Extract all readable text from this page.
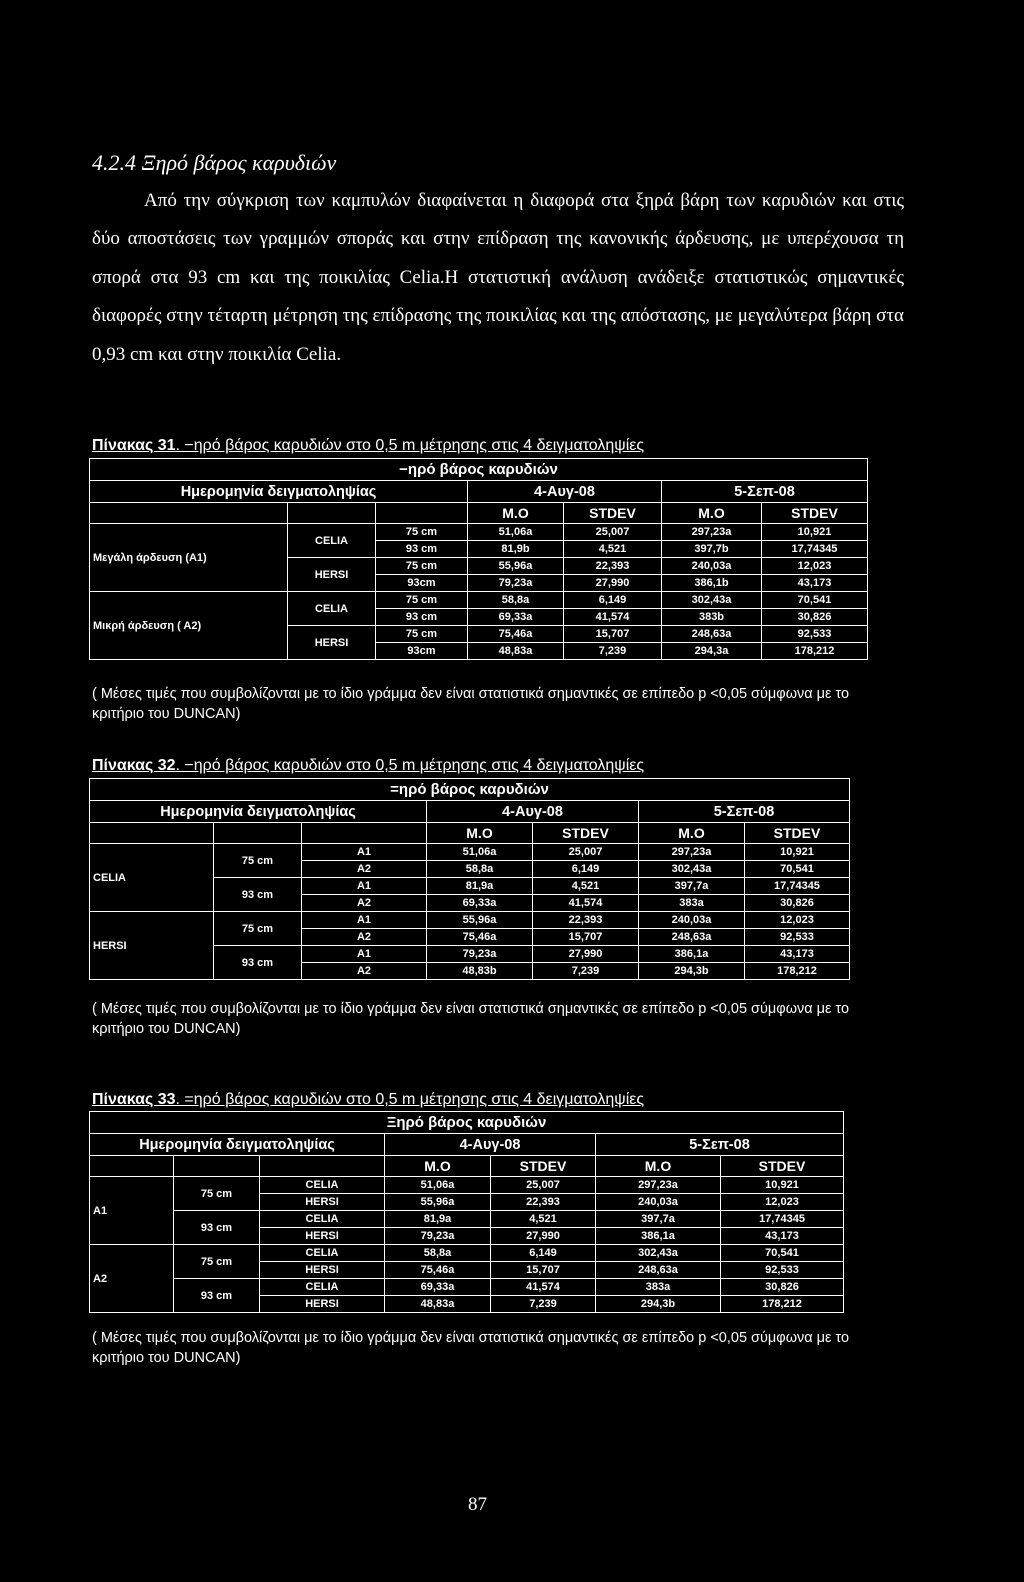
4.2.4 Ξηρό βάρος καρυδιών

Από την σύγκριση των καμπυλών διαφαίνεται η διαφορά στα ξηρά βάρη των καρυδιών και στις δύο αποστάσεις των γραμμών σποράς και στην επίδραση της κανονικής άρδευσης, με υπερέχουσα τη σπορά στα 93 cm και της ποικιλίας Celia.Η στατιστική ανάλυση ανάδειξε στατιστικώς σημαντικές διαφορές στην τέταρτη μέτρηση της επίδρασης της ποικιλίας και της απόστασης, με μεγαλύτερα βάρη στα 0,93 cm και στην ποικιλία Celia.

Πίνακας 31. −ηρό βάρος καρυδιών στο 0,5 m μέτρησης στις 4 δειγματοληψίες
−ηρό βάρος καρυδιών						
Ημερομηνία δειγματοληψίας			4-Αυγ-08		5-Σεπ-08	
			Μ.Ο	STDEV	Μ.Ο	STDEV
Μεγάλη άρδευση (Α1)	CELIA	75 cm	51,06a	25,007	297,23a	10,921
		93 cm	81,9b	4,521	397,7b	17,74345
	HERSI	75 cm	55,96a	22,393	240,03a	12,023
		93cm	79,23a	27,990	386,1b	43,173
Μικρή άρδευση ( Α2)	CELIA	75 cm	58,8a	6,149	302,43a	70,541
		93 cm	69,33a	41,574	383b	30,826
	HERSI	75 cm	75,46a	15,707	248,63a	92,533
		93cm	48,83a	7,239	294,3a	178,212
( Μέσες τιμές που συμβολίζονται με το ίδιο γράμμα δεν είναι στατιστικά σημαντικές σε επίπεδο p <0,05 σύμφωνα με το κριτήριο του DUNCAN)
Πίνακας 32. −ηρό βάρος καρυδιών στο 0,5 m μέτρησης στις 4 δειγματοληψίες
=ηρό βάρος καρυδιών						
Ημερομηνία δειγματοληψίας			4-Αυγ-08		5-Σεπ-08	
			Μ.Ο	STDEV	Μ.Ο	STDEV
CELIA	75 cm	Α1	51,06a	25,007	297,23a	10,921
		Α2	58,8a	6,149	302,43a	70,541
	93 cm	Α1	81,9a	4,521	397,7a	17,74345
		Α2	69,33a	41,574	383a	30,826
HERSI	75 cm	Α1	55,96a	22,393	240,03a	12,023
		Α2	75,46a	15,707	248,63a	92,533
	93 cm	Α1	79,23a	27,990	386,1a	43,173
		Α2	48,83b	7,239	294,3b	178,212
( Μέσες τιμές που συμβολίζονται με το ίδιο γράμμα δεν είναι στατιστικά σημαντικές σε επίπεδο p <0,05 σύμφωνα με το κριτήριο του DUNCAN)
Πίνακας 33. =ηρό βάρος καρυδιών στο 0,5 m μέτρησης στις 4 δειγματοληψίες
Ξηρό βάρος καρυδιών						
Ημερομηνία δειγματοληψίας			4-Αυγ-08		5-Σεπ-08	
			Μ.Ο	STDEV	Μ.Ο	STDEV
Α1	75 cm	CELIA	51,06a	25,007	297,23a	10,921
		HERSI	55,96a	22,393	240,03a	12,023
	93 cm	CELIA	81,9a	4,521	397,7a	17,74345
		HERSI	79,23a	27,990	386,1a	43,173
Α2	75 cm	CELIA	58,8a	6,149	302,43a	70,541
		HERSI	75,46a	15,707	248,63a	92,533
	93 cm	CELIA	69,33a	41,574	383a	30,826
		HERSI	48,83a	7,239	294,3b	178,212
( Μέσες τιμές που συμβολίζονται με το ίδιο γράμμα δεν είναι στατιστικά σημαντικές σε επίπεδο p <0,05 σύμφωνα με το κριτήριο του DUNCAN)
87
